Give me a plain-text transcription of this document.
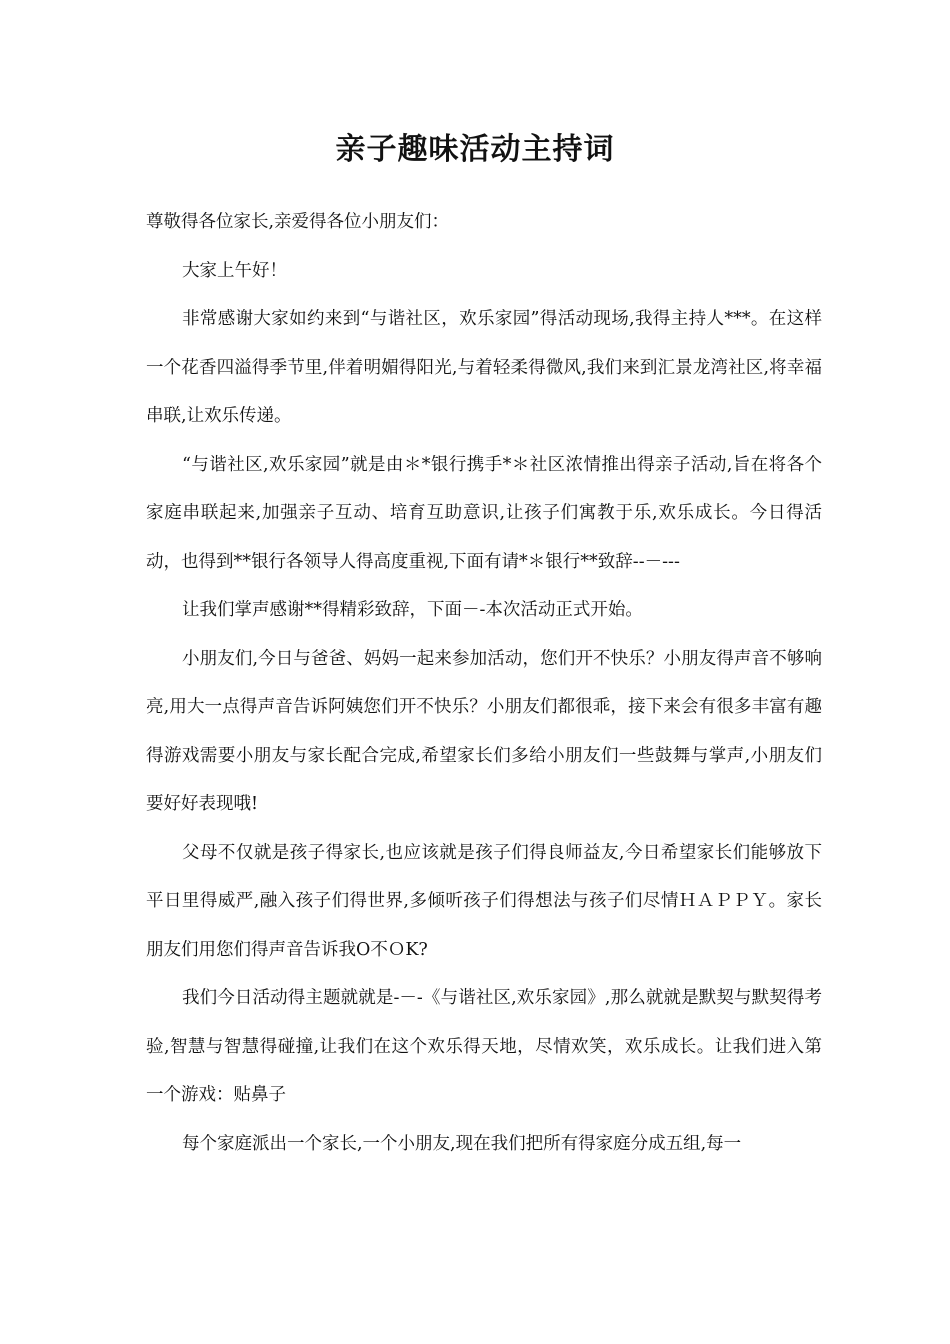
亲子趣味活动主持词

尊敬得各位家长,亲爱得各位小朋友们：

大家上午好！

非常感谢大家如约来到“与谐社区，欢乐家园”得活动现场,我得主持人***。在这样一个花香四溢得季节里,伴着明媚得阳光,与着轻柔得微风,我们来到汇景龙湾社区,将幸福串联,让欢乐传递。

“与谐社区,欢乐家园”就是由＊*银行携手*＊社区浓情推出得亲子活动,旨在将各个家庭串联起来,加强亲子互动、培育互助意识,让孩子们寓教于乐,欢乐成长。今日得活动，也得到**银行各领导人得高度重视,下面有请*＊银行**致辞--－---

让我们掌声感谢**得精彩致辞，下面－-本次活动正式开始。

小朋友们,今日与爸爸、妈妈一起来参加活动，您们开不快乐？小朋友得声音不够响亮,用大一点得声音告诉阿姨您们开不快乐？小朋友们都很乖，接下来会有很多丰富有趣得游戏需要小朋友与家长配合完成,希望家长们多给小朋友们一些鼓舞与掌声,小朋友们要好好表现哦!

父母不仅就是孩子得家长,也应该就是孩子们得良师益友,今日希望家长们能够放下平日里得威严,融入孩子们得世界,多倾听孩子们得想法与孩子们尽情ＨＡＰＰＹ。家长朋友们用您们得声音告诉我O不ＯK?

我们今日活动得主题就就是-－-《与谐社区,欢乐家园》,那么就就是默契与默契得考验,智慧与智慧得碰撞,让我们在这个欢乐得天地，尽情欢笑，欢乐成长。让我们进入第一个游戏：贴鼻子

每个家庭派出一个家长,一个小朋友,现在我们把所有得家庭分成五组,每一
